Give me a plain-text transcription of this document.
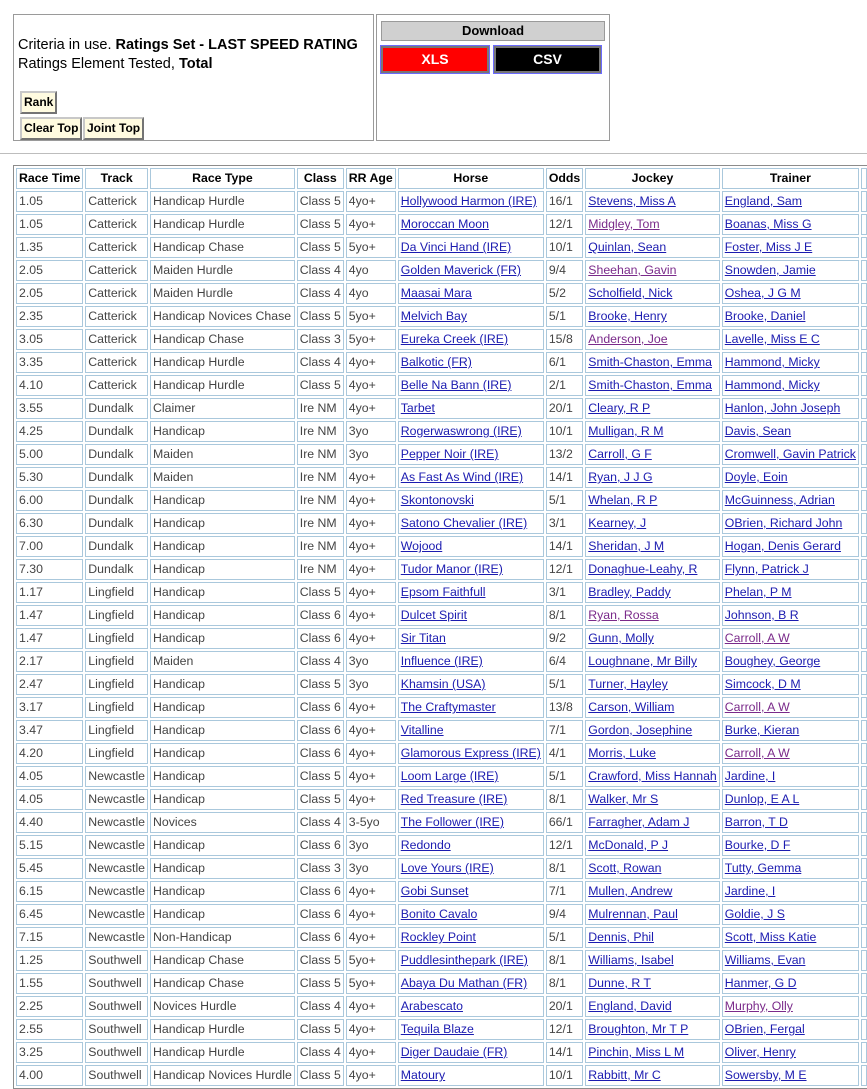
Criteria in use. Ratings Set - LAST SPEED RATING
Ratings Element Tested, Total
Rank
Clear Top Joint Top
Download
XLS	CSV
Race Time	Track	Race Type	Class	RR Age	Horse	Odds	Jockey	Trainer	
1.05	Catterick	Handicap Hurdle	Class 5	4yo+	Hollywood Harmon (IRE)	16/1	Stevens, Miss A	England, Sam	
1.05	Catterick	Handicap Hurdle	Class 5	4yo+	Moroccan Moon	12/1	Midgley, Tom	Boanas, Miss G	
1.35	Catterick	Handicap Chase	Class 5	5yo+	Da Vinci Hand (IRE)	10/1	Quinlan, Sean	Foster, Miss J E	
2.05	Catterick	Maiden Hurdle	Class 4	4yo	Golden Maverick (FR)	9/4	Sheehan, Gavin	Snowden, Jamie	
2.05	Catterick	Maiden Hurdle	Class 4	4yo	Maasai Mara	5/2	Scholfield, Nick	Oshea, J G M	
2.35	Catterick	Handicap Novices Chase	Class 5	5yo+	Melvich Bay	5/1	Brooke, Henry	Brooke, Daniel	
3.05	Catterick	Handicap Chase	Class 3	5yo+	Eureka Creek (IRE)	15/8	Anderson, Joe	Lavelle, Miss E C	
3.35	Catterick	Handicap Hurdle	Class 4	4yo+	Balkotic (FR)	6/1	Smith-Chaston, Emma	Hammond, Micky	
4.10	Catterick	Handicap Hurdle	Class 5	4yo+	Belle Na Bann (IRE)	2/1	Smith-Chaston, Emma	Hammond, Micky	
3.55	Dundalk	Claimer	Ire NM	4yo+	Tarbet	20/1	Cleary, R P	Hanlon, John Joseph	
4.25	Dundalk	Handicap	Ire NM	3yo	Rogerwaswrong (IRE)	10/1	Mulligan, R M	Davis, Sean	
5.00	Dundalk	Maiden	Ire NM	3yo	Pepper Noir (IRE)	13/2	Carroll, G F	Cromwell, Gavin Patrick	
5.30	Dundalk	Maiden	Ire NM	4yo+	As Fast As Wind (IRE)	14/1	Ryan, J J G	Doyle, Eoin	
6.00	Dundalk	Handicap	Ire NM	4yo+	Skontonovski	5/1	Whelan, R P	McGuinness, Adrian	
6.30	Dundalk	Handicap	Ire NM	4yo+	Satono Chevalier (IRE)	3/1	Kearney, J	OBrien, Richard John	
7.00	Dundalk	Handicap	Ire NM	4yo+	Wojood	14/1	Sheridan, J M	Hogan, Denis Gerard	
7.30	Dundalk	Handicap	Ire NM	4yo+	Tudor Manor (IRE)	12/1	Donaghue-Leahy, R	Flynn, Patrick J	
1.17	Lingfield	Handicap	Class 5	4yo+	Epsom Faithfull	3/1	Bradley, Paddy	Phelan, P M	
1.47	Lingfield	Handicap	Class 6	4yo+	Dulcet Spirit	8/1	Ryan, Rossa	Johnson, B R	
1.47	Lingfield	Handicap	Class 6	4yo+	Sir Titan	9/2	Gunn, Molly	Carroll, A W	
2.17	Lingfield	Maiden	Class 4	3yo	Influence (IRE)	6/4	Loughnane, Mr Billy	Boughey, George	
2.47	Lingfield	Handicap	Class 5	3yo	Khamsin (USA)	5/1	Turner, Hayley	Simcock, D M	
3.17	Lingfield	Handicap	Class 6	4yo+	The Craftymaster	13/8	Carson, William	Carroll, A W	
3.47	Lingfield	Handicap	Class 6	4yo+	Vitalline	7/1	Gordon, Josephine	Burke, Kieran	
4.20	Lingfield	Handicap	Class 6	4yo+	Glamorous Express (IRE)	4/1	Morris, Luke	Carroll, A W	
4.05	Newcastle	Handicap	Class 5	4yo+	Loom Large (IRE)	5/1	Crawford, Miss Hannah	Jardine, I	
4.05	Newcastle	Handicap	Class 5	4yo+	Red Treasure (IRE)	8/1	Walker, Mr S	Dunlop, E A L	
4.40	Newcastle	Novices	Class 4	3-5yo	The Follower (IRE)	66/1	Farragher, Adam J	Barron, T D	
5.15	Newcastle	Handicap	Class 6	3yo	Redondo	12/1	McDonald, P J	Bourke, D F	
5.45	Newcastle	Handicap	Class 3	3yo	Love Yours (IRE)	8/1	Scott, Rowan	Tutty, Gemma	
6.15	Newcastle	Handicap	Class 6	4yo+	Gobi Sunset	7/1	Mullen, Andrew	Jardine, I	
6.45	Newcastle	Handicap	Class 6	4yo+	Bonito Cavalo	9/4	Mulrennan, Paul	Goldie, J S	
7.15	Newcastle	Non-Handicap	Class 6	4yo+	Rockley Point	5/1	Dennis, Phil	Scott, Miss Katie	
1.25	Southwell	Handicap Chase	Class 5	5yo+	Puddlesinthepark (IRE)	8/1	Williams, Isabel	Williams, Evan	
1.55	Southwell	Handicap Chase	Class 5	5yo+	Abaya Du Mathan (FR)	8/1	Dunne, R T	Hanmer, G D	
2.25	Southwell	Novices Hurdle	Class 4	4yo+	Arabescato	20/1	England, David	Murphy, Olly	
2.55	Southwell	Handicap Hurdle	Class 5	4yo+	Tequila Blaze	12/1	Broughton, Mr T P	OBrien, Fergal	
3.25	Southwell	Handicap Hurdle	Class 4	4yo+	Diger Daudaie (FR)	14/1	Pinchin, Miss L M	Oliver, Henry	
4.00	Southwell	Handicap Novices Hurdle	Class 5	4yo+	Matoury	10/1	Rabbitt, Mr C	Sowersby, M E	
